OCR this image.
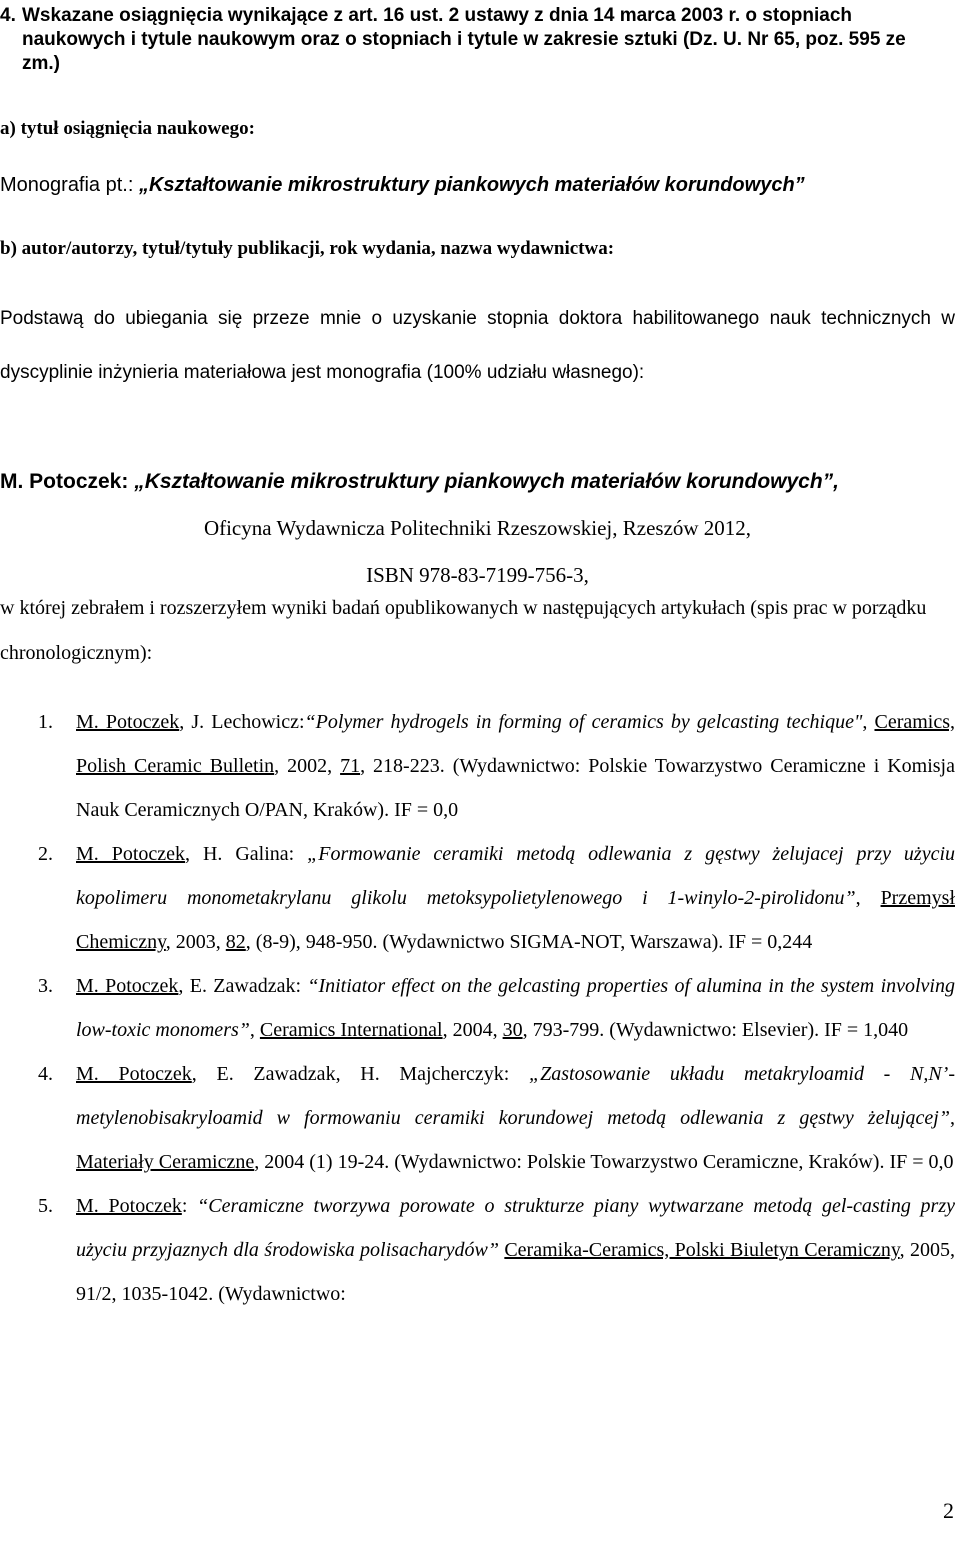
4. Wskazane osiągnięcia wynikające z art. 16 ust. 2 ustawy z dnia 14 marca 2003 r. o stopniach naukowych i tytule naukowym oraz o stopniach i tytule w zakresie sztuki (Dz. U. Nr 65, poz. 595 ze zm.)
a) tytuł osiągnięcia naukowego:
Monografia pt.: „Kształtowanie mikrostruktury piankowych materiałów korundowych”
b) autor/autorzy, tytuł/tytuły publikacji, rok wydania, nazwa wydawnictwa:
Podstawą do ubiegania się przeze mnie o uzyskanie stopnia doktora habilitowanego nauk technicznych w dyscyplinie inżynieria materiałowa jest monografia (100% udziału własnego):
M. Potoczek: „Kształtowanie mikrostruktury piankowych materiałów korundowych”,
Oficyna Wydawnicza Politechniki Rzeszowskiej, Rzeszów 2012,
ISBN 978-83-7199-756-3,
w której zebrałem i rozszerzyłem wyniki badań opublikowanych w następujących artykułach (spis prac w porządku chronologicznym):
1. M. Potoczek, J. Lechowicz:“Polymer hydrogels in forming of ceramics by gelcasting techique", Ceramics, Polish Ceramic Bulletin, 2002, 71, 218-223. (Wydawnictwo: Polskie Towarzystwo Ceramiczne i Komisja Nauk Ceramicznych O/PAN, Kraków). IF = 0,0
2. M. Potoczek, H. Galina: „Formowanie ceramiki metodą odlewania z gęstwy żelujacej przy użyciu kopolimeru monometakrylanu glikolu metoksypolietylenowego i 1-winylo-2-pirolidonu”, Przemysł Chemiczny, 2003, 82, (8-9), 948-950. (Wydawnictwo SIGMA-NOT, Warszawa). IF = 0,244
3. M. Potoczek, E. Zawadzak: “Initiator effect on the gelcasting properties of alumina in the system involving low-toxic monomers”, Ceramics International, 2004, 30, 793-799. (Wydawnictwo: Elsevier). IF = 1,040
4. M. Potoczek, E. Zawadzak, H. Majcherczyk: „Zastosowanie układu metakryloamid - N,N’-metylenobisakryloamid w formowaniu ceramiki korundowej metodą odlewania z gęstwy żelującej”, Materiały Ceramiczne, 2004 (1) 19-24. (Wydawnictwo: Polskie Towarzystwo Ceramiczne, Kraków). IF = 0,0
5. M. Potoczek: “Ceramiczne tworzywa porowate o strukturze piany wytwarzane metodą gel-casting przy użyciu przyjaznych dla środowiska polisacharydów” Ceramika-Ceramics, Polski Biuletyn Ceramiczny, 2005, 91/2, 1035-1042. (Wydawnictwo:
2
